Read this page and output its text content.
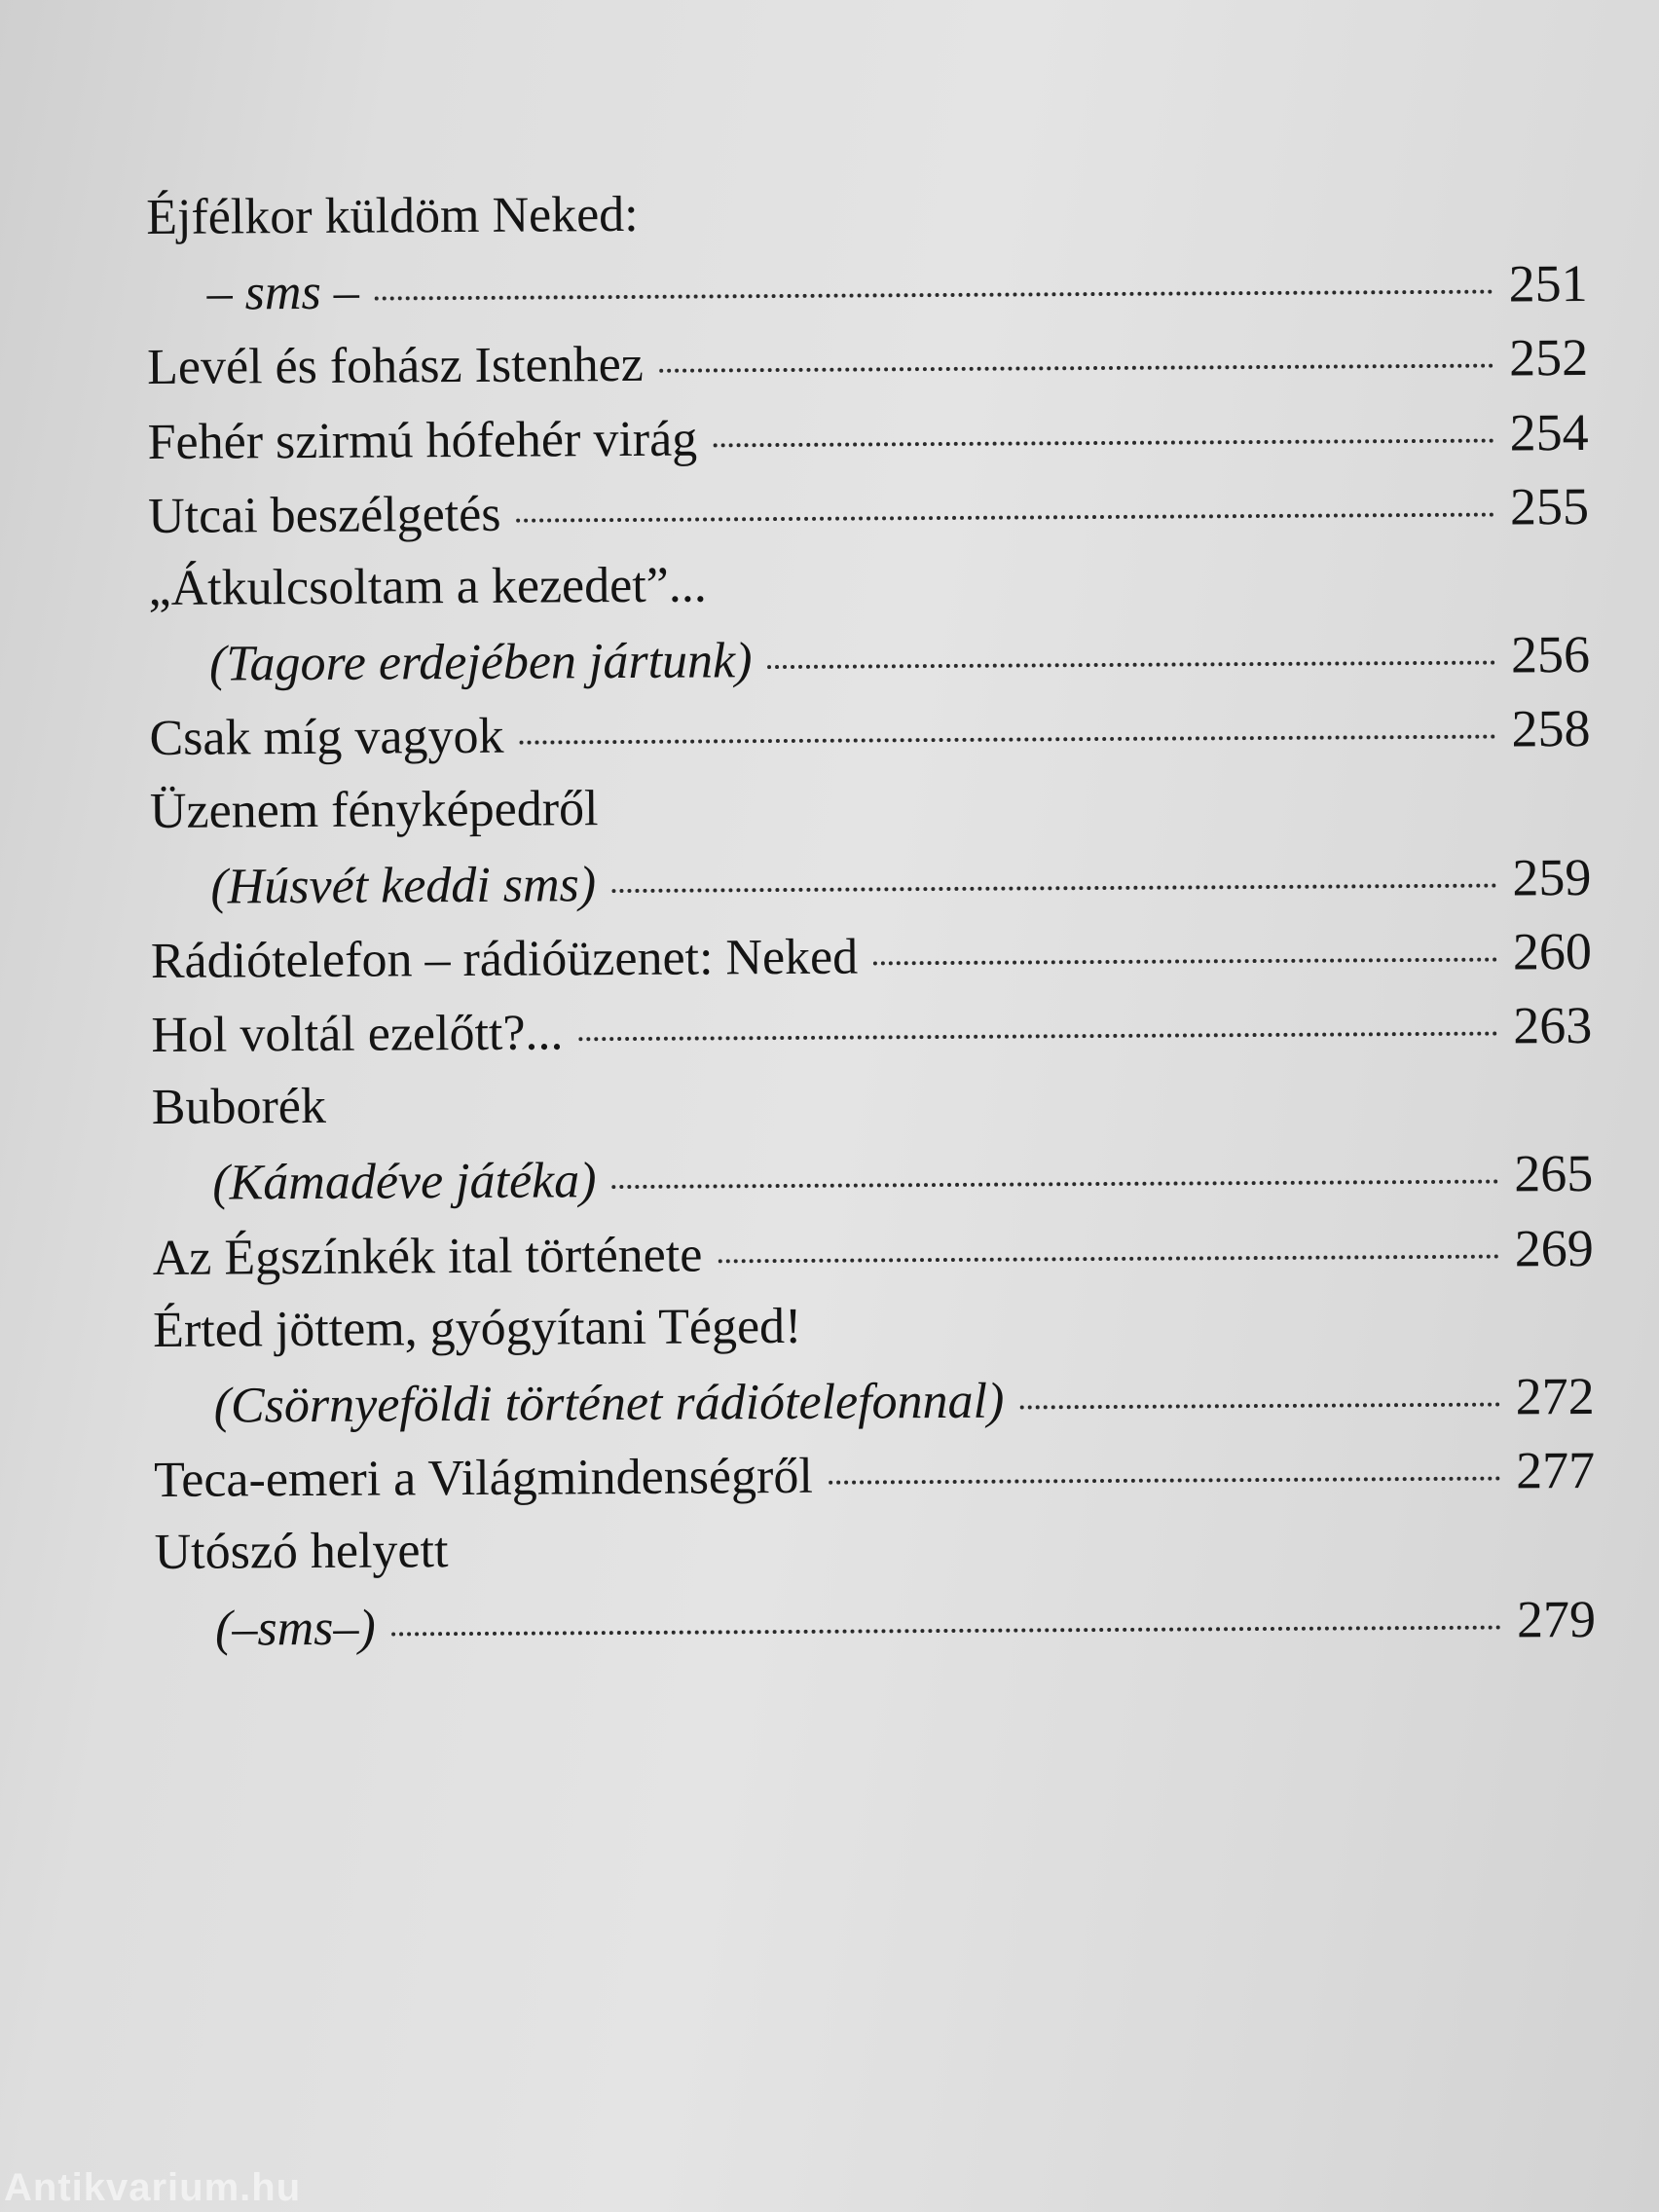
Éjfélkor küldöm Neked:
– sms –	251
Levél és fohász Istenhez	252
Fehér szirmú hófehér virág	254
Utcai beszélgetés	255
„Átkulcsoltam a kezedet”...
(Tagore erdejében jártunk)	256
Csak míg vagyok	258
Üzenem fényképedről
(Húsvét keddi sms)	259
Rádiótelefon – rádióüzenet: Neked	260
Hol voltál ezelőtt?...	263
Buborék
(Kámadéve játéka)	265
Az Égszínkék ital története	269
Érted jöttem, gyógyítani Téged!
(Csörnyeföldi történet rádiótelefonnal)	272
Teca-emeri a Világmindenségről	277
Utószó helyett
(–sms–)	279
Antikvarium.hu
